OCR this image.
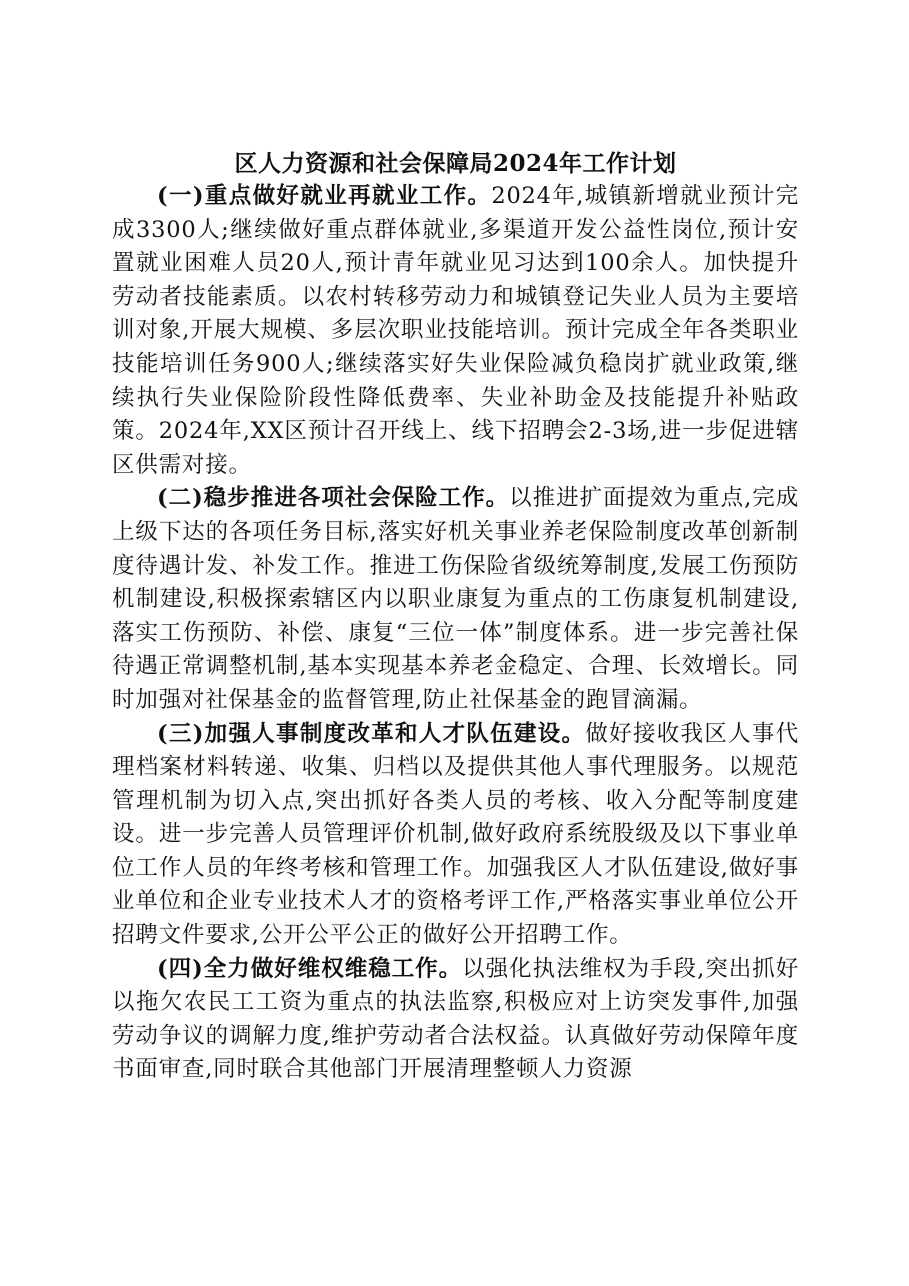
区人力资源和社会保障局2024年工作计划

(一)重点做好就业再就业工作。2024年,城镇新增就业预计完成3300人;继续做好重点群体就业,多渠道开发公益性岗位,预计安置就业困难人员20人,预计青年就业见习达到100余人。加快提升劳动者技能素质。以农村转移劳动力和城镇登记失业人员为主要培训对象,开展大规模、多层次职业技能培训。预计完成全年各类职业技能培训任务900人;继续落实好失业保险减负稳岗扩就业政策,继续执行失业保险阶段性降低费率、失业补助金及技能提升补贴政策。2024年,XX区预计召开线上、线下招聘会2-3场,进一步促进辖区供需对接。

(二)稳步推进各项社会保险工作。以推进扩面提效为重点,完成上级下达的各项任务目标,落实好机关事业养老保险制度改革创新制度待遇计发、补发工作。推进工伤保险省级统筹制度,发展工伤预防机制建设,积极探索辖区内以职业康复为重点的工伤康复机制建设,落实工伤预防、补偿、康复“三位一体”制度体系。进一步完善社保待遇正常调整机制,基本实现基本养老金稳定、合理、长效增长。同时加强对社保基金的监督管理,防止社保基金的跑冒滴漏。

(三)加强人事制度改革和人才队伍建设。做好接收我区人事代理档案材料转递、收集、归档以及提供其他人事代理服务。以规范管理机制为切入点,突出抓好各类人员的考核、收入分配等制度建设。进一步完善人员管理评价机制,做好政府系统股级及以下事业单位工作人员的年终考核和管理工作。加强我区人才队伍建设,做好事业单位和企业专业技术人才的资格考评工作,严格落实事业单位公开招聘文件要求,公开公平公正的做好公开招聘工作。

(四)全力做好维权维稳工作。以强化执法维权为手段,突出抓好以拖欠农民工工资为重点的执法监察,积极应对上访突发事件,加强劳动争议的调解力度,维护劳动者合法权益。认真做好劳动保障年度书面审查,同时联合其他部门开展清理整顿人力资源
